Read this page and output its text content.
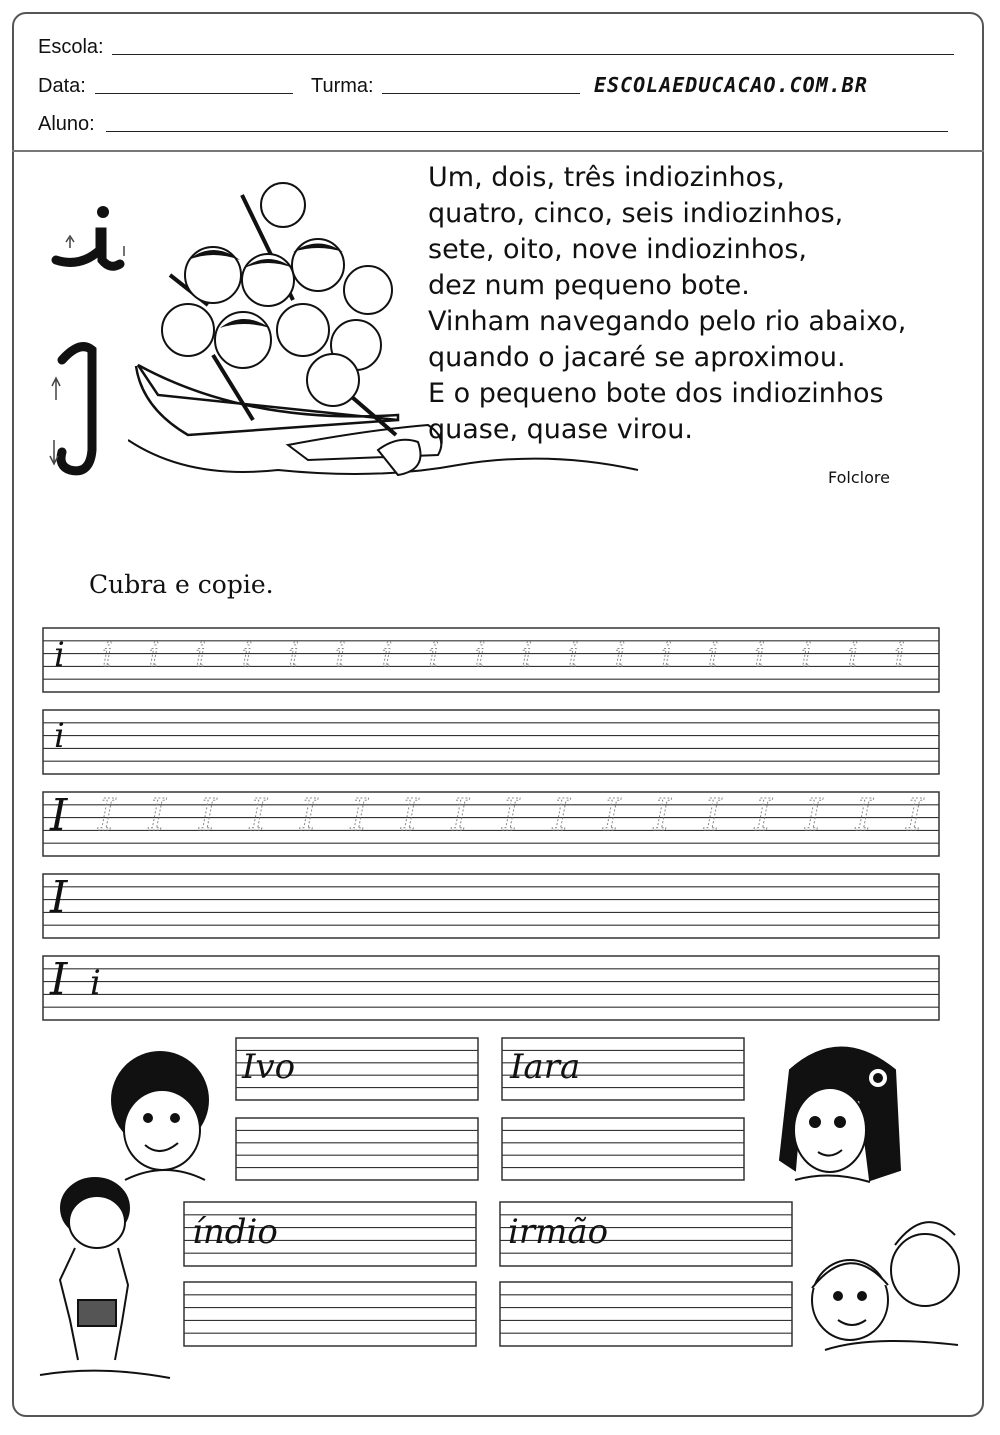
Escola:
Data:	Turma:	ESCOLAEDUCACAO.COM.BR
Aluno:
Um, dois, três indiozinhos,
quatro, cinco, seis indiozinhos,
sete, oito, nove indiozinhos,
dez num pequeno bote.
Vinham navegando pelo rio abaixo,
quando o jacaré se aproximou.
E o pequeno bote dos indiozinhos
quase, quase virou.
Folclore
Cubra e copie.
i i i i i i i i i i i i i i i i i i i
i
I I I I I I I I I I I I I I I I I I
I
I i
Ivo	Iara
índio	irmão
